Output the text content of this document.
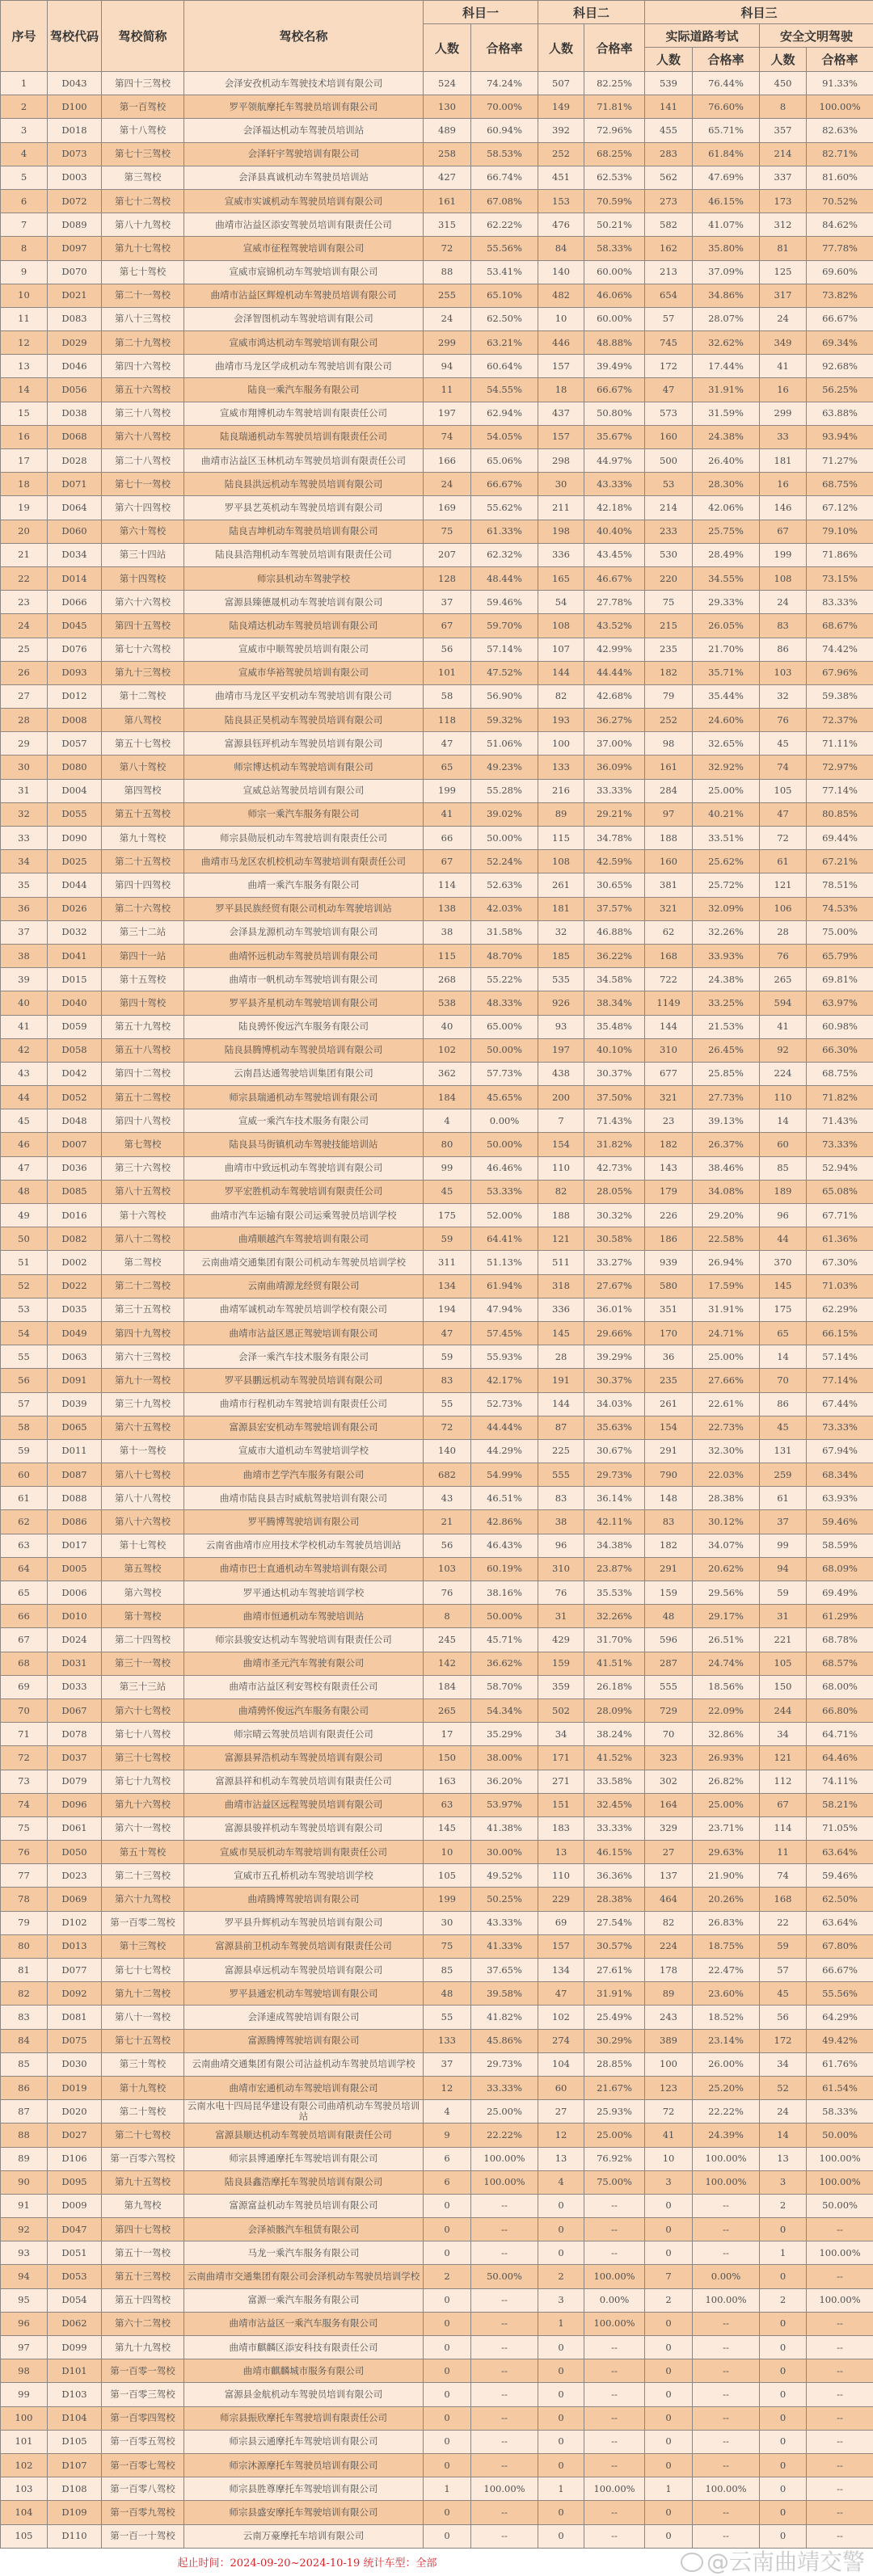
序号	驾校代码	驾校简称	驾校名称	科目一		科目二		科目三			
				人数	合格率	人数	合格率	实际道路考试		安全文明驾驶	
								人数	合格率	人数	合格率
1	D043	第四十三驾校	会泽安孜机动车驾驶技术培训有限公司	524	74.24%	507	82.25%	539	76.44%	450	91.33%
2	D100	第一百驾校	罗平领航摩托车驾驶员培训有限公司	130	70.00%	149	71.81%	141	76.60%	8	100.00%
3	D018	第十八驾校	会泽福达机动车驾驶员培训站	489	60.94%	392	72.96%	455	65.71%	357	82.63%
4	D073	第七十三驾校	会泽轩宇驾驶培训有限公司	258	58.53%	252	68.25%	283	61.84%	214	82.71%
5	D003	第三驾校	会泽县真诚机动车驾驶员培训站	427	66.74%	451	62.53%	562	47.69%	337	81.60%
6	D072	第七十二驾校	宣威市实诚机动车驾驶员培训有限公司	161	67.08%	153	70.59%	273	46.15%	173	70.52%
7	D089	第八十九驾校	曲靖市沾益区添安驾驶员培训有限责任公司	315	62.22%	476	50.21%	582	41.07%	312	84.62%
8	D097	第九十七驾校	宣威市征程驾驶培训有限公司	72	55.56%	84	58.33%	162	35.80%	81	77.78%
9	D070	第七十驾校	宣威市宸锦机动车驾驶培训有限公司	88	53.41%	140	60.00%	213	37.09%	125	69.60%
10	D021	第二十一驾校	曲靖市沾益区辉煌机动车驾驶员培训有限公司	255	65.10%	482	46.06%	654	34.86%	317	73.82%
11	D083	第八十三驾校	会泽智图机动车驾驶培训有限公司	24	62.50%	10	60.00%	57	28.07%	24	66.67%
12	D029	第二十九驾校	宣威市鸿达机动车驾驶培训有限公司	299	63.21%	446	48.88%	745	32.62%	349	69.34%
13	D046	第四十六驾校	曲靖市马龙区学成机动车驾驶培训有限公司	94	60.64%	157	39.49%	172	17.44%	41	92.68%
14	D056	第五十六驾校	陆良一乘汽车服务有限公司	11	54.55%	18	66.67%	47	31.91%	16	56.25%
15	D038	第三十八驾校	宣威市翔博机动车驾驶培训有限责任公司	197	62.94%	437	50.80%	573	31.59%	299	63.88%
16	D068	第六十八驾校	陆良瑞通机动车驾驶员培训有限责任公司	74	54.05%	157	35.67%	160	24.38%	33	93.94%
17	D028	第二十八驾校	曲靖市沾益区玉林机动车驾驶员培训有限责任公司	166	65.06%	298	44.97%	500	26.40%	181	71.27%
18	D071	第七十一驾校	陆良县洪远机动车驾驶员培训有限公司	24	66.67%	30	43.33%	53	28.30%	16	68.75%
19	D064	第六十四驾校	罗平县艺英机动车驾驶员培训有限公司	169	55.62%	211	42.18%	214	42.06%	146	67.12%
20	D060	第六十驾校	陆良吉坤机动车驾驶员培训有限公司	75	61.33%	198	40.40%	233	25.75%	67	79.10%
21	D034	第三十四站	陆良县浩翔机动车驾驶员培训有限责任公司	207	62.32%	336	43.45%	530	28.49%	199	71.86%
22	D014	第十四驾校	师宗县机动车驾驶学校	128	48.44%	165	46.67%	220	34.55%	108	73.15%
23	D066	第六十六驾校	富源县臻德晟机动车驾驶培训有限公司	37	59.46%	54	27.78%	75	29.33%	24	83.33%
24	D045	第四十五驾校	陆良靖达机动车驾驶员培训有限公司	67	59.70%	108	43.52%	215	26.05%	83	68.67%
25	D076	第七十六驾校	宣威市中顺驾驶员培训有限公司	56	57.14%	107	42.99%	235	21.70%	86	74.42%
26	D093	第九十三驾校	宣威市华裕驾驶员培训有限公司	101	47.52%	144	44.44%	182	35.71%	103	67.96%
27	D012	第十二驾校	曲靖市马龙区平安机动车驾驶培训有限公司	58	56.90%	82	42.68%	79	35.44%	32	59.38%
28	D008	第八驾校	陆良县正昊机动车驾驶员培训有限公司	118	59.32%	193	36.27%	252	24.60%	76	72.37%
29	D057	第五十七驾校	富源县钰玶机动车驾驶员培训有限公司	47	51.06%	100	37.00%	98	32.65%	45	71.11%
30	D080	第八十驾校	师宗博达机动车驾驶培训有限公司	65	49.23%	133	36.09%	161	32.92%	74	72.97%
31	D004	第四驾校	宣威总站驾驶员培训有限公司	199	55.28%	216	33.33%	284	25.00%	105	77.14%
32	D055	第五十五驾校	师宗一乘汽车服务有限公司	41	39.02%	89	29.21%	97	40.21%	47	80.85%
33	D090	第九十驾校	师宗县勋辰机动车驾驶培训有限责任公司	66	50.00%	115	34.78%	188	33.51%	72	69.44%
34	D025	第二十五驾校	曲靖市马龙区农机校机动车驾驶培训有限责任公司	67	52.24%	108	42.59%	160	25.62%	61	67.21%
35	D044	第四十四驾校	曲靖一乘汽车服务有限公司	114	52.63%	261	30.65%	381	25.72%	121	78.51%
36	D026	第二十六驾校	罗平县民族经贸有限公司机动车驾驶培训站	138	42.03%	181	37.57%	321	32.09%	106	74.53%
37	D032	第三十二站	会泽县龙源机动车驾驶培训有限公司	38	31.58%	32	46.88%	62	32.26%	28	75.00%
38	D041	第四十一站	曲靖怀远机动车驾驶员培训有限公司	115	48.70%	185	36.22%	168	33.93%	76	65.79%
39	D015	第十五驾校	曲靖市一帆机动车驾驶培训有限公司	268	55.22%	535	34.58%	722	24.38%	265	69.81%
40	D040	第四十驾校	罗平县齐星机动车驾驶培训有限公司	538	48.33%	926	38.34%	1149	33.25%	594	63.97%
41	D059	第五十九驾校	陆良骋怀俊远汽车服务有限公司	40	65.00%	93	35.48%	144	21.53%	41	60.98%
42	D058	第五十八驾校	陆良县腾博机动车驾驶员培训有限公司	102	50.00%	197	40.10%	310	26.45%	92	66.30%
43	D042	第四十二驾校	云南昌达通驾驶培训集团有限公司	362	57.73%	438	30.37%	677	25.85%	224	68.75%
44	D052	第五十二驾校	师宗县瑞通机动车驾驶培训有限公司	184	45.65%	200	37.50%	321	27.73%	110	71.82%
45	D048	第四十八驾校	宣威一乘汽车技术服务有限公司	4	0.00%	7	71.43%	23	39.13%	14	71.43%
46	D007	第七驾校	陆良县马街镇机动车驾驶技能培训站	80	50.00%	154	31.82%	182	26.37%	60	73.33%
47	D036	第三十六驾校	曲靖市中致远机动车驾驶培训有限公司	99	46.46%	110	42.73%	143	38.46%	85	52.94%
48	D085	第八十五驾校	罗平宏胜机动车驾驶培训有限责任公司	45	53.33%	82	28.05%	179	34.08%	189	65.08%
49	D016	第十六驾校	曲靖市汽车运输有限公司运乘驾驶员培训学校	175	52.00%	188	30.32%	226	29.20%	96	67.71%
50	D082	第八十二驾校	曲靖顺越汽车驾驶培训有限公司	59	64.41%	121	30.58%	186	22.58%	44	61.36%
51	D002	第二驾校	云南曲靖交通集团有限公司机动车驾驶员培训学校	311	51.13%	511	33.27%	939	26.94%	370	67.30%
52	D022	第二十二驾校	云南曲靖源龙经贸有限公司	134	61.94%	318	27.67%	580	17.59%	145	71.03%
53	D035	第三十五驾校	曲靖军诚机动车驾驶员培训学校有限公司	194	47.94%	336	36.01%	351	31.91%	175	62.29%
54	D049	第四十九驾校	曲靖市沾益区恩正驾驶培训有限公司	47	57.45%	145	29.66%	170	24.71%	65	66.15%
55	D063	第六十三驾校	会泽一乘汽车技术服务有限公司	59	55.93%	28	39.29%	36	25.00%	14	57.14%
56	D091	第九十一驾校	罗平县鹏远机动车驾驶员培训有限公司	83	42.17%	191	30.37%	235	27.66%	70	77.14%
57	D039	第三十九驾校	曲靖市行程机动车驾驶培训有限责任公司	55	52.73%	144	34.03%	261	22.61%	86	67.44%
58	D065	第六十五驾校	富源县宏安机动车驾驶培训有限公司	72	44.44%	87	35.63%	154	22.73%	45	73.33%
59	D011	第十一驾校	宣威市大道机动车驾驶培训学校	140	44.29%	225	30.67%	291	32.30%	131	67.94%
60	D087	第八十七驾校	曲靖市艺学汽车服务有限公司	682	54.99%	555	29.73%	790	22.03%	259	68.34%
61	D088	第八十八驾校	曲靖市陆良县吉时威航驾驶培训有限公司	43	46.51%	83	36.14%	148	28.38%	61	63.93%
62	D086	第八十六驾校	罗平腾博驾驶培训有限公司	21	42.86%	38	42.11%	83	30.12%	37	59.46%
63	D017	第十七驾校	云南省曲靖市应用技术学校机动车驾驶员培训站	56	46.43%	96	34.38%	182	34.07%	99	58.59%
64	D005	第五驾校	曲靖市巴士直通机动车驾驶培训有限公司	103	60.19%	310	23.87%	291	20.62%	94	68.09%
65	D006	第六驾校	罗平通达机动车驾驶培训学校	76	38.16%	76	35.53%	159	29.56%	59	69.49%
66	D010	第十驾校	曲靖市恒通机动车驾驶培训站	8	50.00%	31	32.26%	48	29.17%	31	61.29%
67	D024	第二十四驾校	师宗县骏安达机动车驾驶培训有限责任公司	245	45.71%	429	31.70%	596	26.51%	221	68.78%
68	D031	第三十一驾校	曲靖市圣元汽车驾驶有限公司	142	36.62%	159	41.51%	287	24.74%	105	68.57%
69	D033	第三十三站	曲靖市沾益区利安驾校有限责任公司	184	58.70%	359	26.18%	555	18.56%	150	68.00%
70	D067	第六十七驾校	曲靖骋怀俊远汽车服务有限公司	265	54.34%	502	28.09%	729	22.09%	244	66.80%
71	D078	第七十八驾校	师宗晴云驾驶员培训有限责任公司	17	35.29%	34	38.24%	70	32.86%	34	64.71%
72	D037	第三十七驾校	富源县昇浩机动车驾驶员培训有限公司	150	38.00%	171	41.52%	323	26.93%	121	64.46%
73	D079	第七十九驾校	富源县祥和机动车驾驶员培训有限责任公司	163	36.20%	271	33.58%	302	26.82%	112	74.11%
74	D096	第九十六驾校	曲靖市沾益区远程驾驶员培训有限公司	63	53.97%	151	32.45%	164	25.00%	67	58.21%
75	D061	第六十一驾校	富源县骏祥机动车驾驶员培训有限公司	145	41.38%	183	33.33%	329	23.71%	114	71.05%
76	D050	第五十驾校	宣威市昊辰机动车驾驶培训有限责任公司	10	30.00%	13	46.15%	27	29.63%	11	63.64%
77	D023	第二十三驾校	宣威市五孔桥机动车驾驶培训学校	105	49.52%	110	36.36%	137	21.90%	74	59.46%
78	D069	第六十九驾校	曲靖腾博驾驶培训有限公司	199	50.25%	229	28.38%	464	20.26%	168	62.50%
79	D102	第一百零二驾校	罗平县升辉机动车驾驶员培训有限公司	30	43.33%	69	27.54%	82	26.83%	22	63.64%
80	D013	第十三驾校	富源县前卫机动车驾驶员培训有限责任公司	75	41.33%	157	30.57%	224	18.75%	59	67.80%
81	D077	第七十七驾校	富源县卓远机动车驾驶员培训有限公司	85	37.65%	134	27.61%	178	22.47%	57	66.67%
82	D092	第九十二驾校	罗平县通宏机动车驾驶培训有限公司	48	39.58%	47	31.91%	89	23.60%	45	55.56%
83	D081	第八十一驾校	会泽速成驾驶培训有限公司	55	41.82%	102	25.49%	243	18.52%	56	64.29%
84	D075	第七十五驾校	富源腾博驾驶培训有限公司	133	45.86%	274	30.29%	389	23.14%	172	49.42%
85	D030	第三十驾校	云南曲靖交通集团有限公司沾益机动车驾驶员培训学校	37	29.73%	104	28.85%	100	26.00%	34	61.76%
86	D019	第十九驾校	曲靖市宏通机动车驾驶培训有限公司	12	33.33%	60	21.67%	123	25.20%	52	61.54%
87	D020	第二十驾校	云南水电十四局昆华建设有限公司曲靖机动车驾驶员培训站	4	25.00%	27	25.93%	72	22.22%	24	58.33%
88	D027	第二十七驾校	富源县顺达机动车驾驶员培训有限责任公司	9	22.22%	12	25.00%	41	24.39%	14	50.00%
89	D106	第一百零六驾校	师宗县博通摩托车驾驶培训有限公司	6	100.00%	13	76.92%	10	100.00%	13	100.00%
90	D095	第九十五驾校	陆良县鑫浩摩托车驾驶员培训有限公司	6	100.00%	4	75.00%	3	100.00%	3	100.00%
91	D009	第九驾校	富源富益机动车驾驶员培训有限公司	0	--	0	--	0	--	2	50.00%
92	D047	第四十七驾校	会泽祯骸汽车租赁有限公司	0	--	0	--	0	--	0	--
93	D051	第五十一驾校	马龙一乘汽车服务有限公司	0	--	0	--	0	--	1	100.00%
94	D053	第五十三驾校	云南曲靖市交通集团有限公司会泽机动车驾驶员培训学校	2	50.00%	2	100.00%	7	0.00%	0	--
95	D054	第五十四驾校	富源一乘汽车服务有限公司	0	--	3	0.00%	2	100.00%	2	100.00%
96	D062	第六十二驾校	曲靖市沾益区一乘汽车服务有限公司	0	--	1	100.00%	0	--	0	--
97	D099	第九十九驾校	曲靖市麒麟区添安科技有限责任公司	0	--	0	--	0	--	0	--
98	D101	第一百零一驾校	曲靖市麒麟城市服务有限公司	0	--	0	--	0	--	0	--
99	D103	第一百零三驾校	富源县金航机动车驾驶员培训有限公司	0	--	0	--	0	--	0	--
100	D104	第一百零四驾校	师宗县振欣摩托车驾驶培训有限责任公司	0	--	0	--	0	--	0	--
101	D105	第一百零五驾校	师宗县云通摩托车驾驶培训有限公司	0	--	0	--	0	--	0	--
102	D107	第一百零七驾校	师宗沐源摩托车驾驶员培训有限公司	0	--	0	--	0	--	0	--
103	D108	第一百零八驾校	师宗县胜尊摩托车驾驶培训有限公司	1	100.00%	1	100.00%	1	100.00%	0	--
104	D109	第一百零九驾校	师宗县盛安摩托车驾驶培训有限公司	0	--	0	--	0	--	0	--
105	D110	第一百一十驾校	云南万豪摩托车培训有限公司	0	--	0	--	0	--	0	--
起止时间：2024-09-20~2024-10-19 统计车型：全部	@云南曲靖交警
